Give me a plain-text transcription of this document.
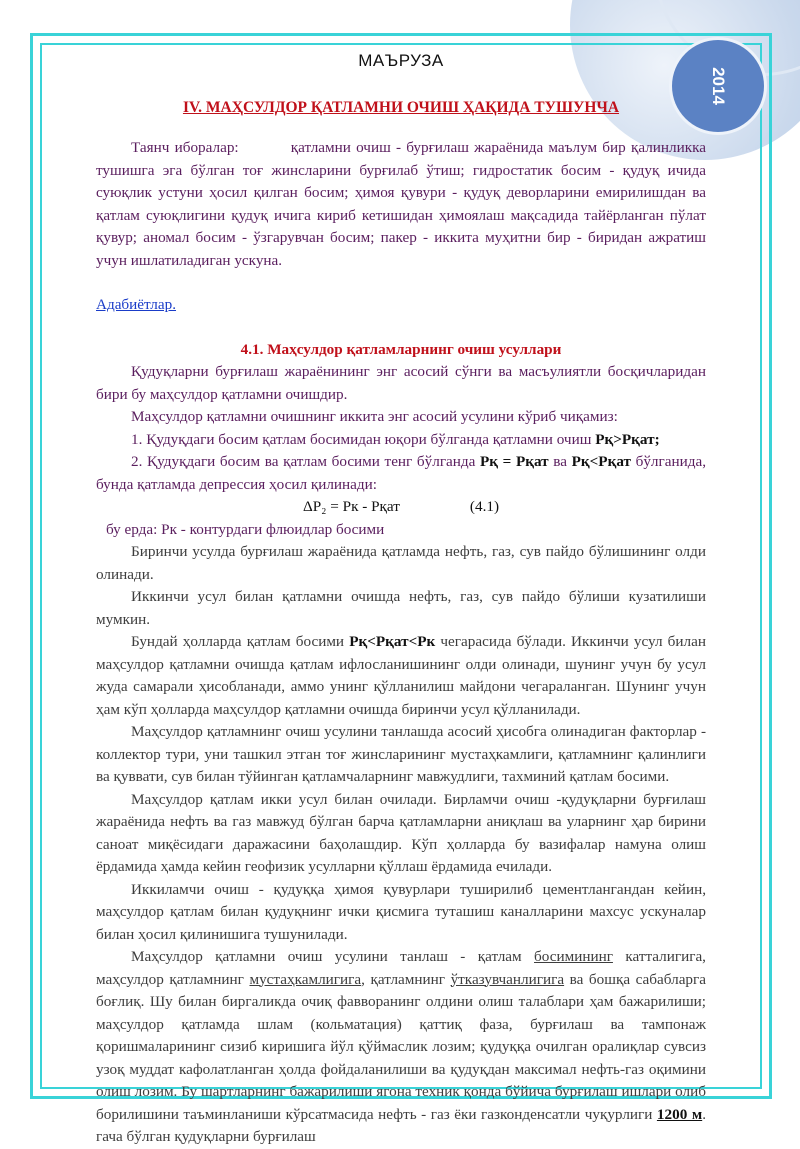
2014
МАЪРУЗА
IV. МАҲСУЛДОР ҚАТЛАМНИ ОЧИШ ҲАҚИДА ТУШУНЧА

Таянч иборалар:	қатламни очиш - бурғилаш жараёнида маълум бир қалинликка тушишга эга бўлган тоғ жинсларини бурғилаб ўтиш; гидростатик босим - қудуқ ичида суюқлик устуни ҳосил қилган босим; ҳимоя қувури - қудуқ деворларини емирилишдан ва қатлам суюқлигини қудуқ ичига кириб кетишидан ҳимоялаш мақсадида тайёрланган пўлат қувур; аномал босим - ўзгарувчан босим; пакер - иккита муҳитни бир - биридан ажратиш учун ишлатиладиган ускуна.

Адабиётлар.

4.1. Маҳсулдор қатламларнинг очиш усуллари

Қудуқларни бурғилаш жараёнининг энг асосий сўнги ва масъулиятли босқичларидан бири бу маҳсулдор қатламни очишдир.

Маҳсулдор қатламни очишнинг иккита энг асосий усулини кўриб чиқамиз:

1. Қудуқдаги босим қатлам босимидан юқори бўлганда қатламни очиш Pқ>Pқат;

2. Қудуқдаги босим ва қатлам босими тенг бўлганда Pқ = Pқат ва Pқ<Pқат бўлганида, бунда қатламда депрессия ҳосил қилинади:

ΔP₂ = Pк - Pқат	(4.1)
бу ерда: Pк - контурдаги флюидлар босими

Биринчи усулда бурғилаш жараёнида қатламда нефть, газ, сув пайдо бўлишининг олди олинади.

Иккинчи усул билан қатламни очишда нефть, газ, сув пайдо бўлиши кузатилиши мумкин.

Бундай ҳолларда қатлам босими Pқ<Pқат<Pк чегарасида бўлади. Иккинчи усул билан маҳсулдор қатламни очишда қатлам ифлосланишининг олди олинади, шунинг учун бу усул жуда самарали ҳисобланади, аммо унинг қўлланилиш майдони чегараланган. Шунинг учун ҳам кўп ҳолларда маҳсулдор қатламни очишда биринчи усул қўлланилади.

Маҳсулдор қатламнинг очиш усулини танлашда асосий ҳисобга олинадиган факторлар - коллектор тури, уни ташкил этган тоғ жинсларининг мустаҳкамлиги, қатламнинг қалинлиги ва қуввати, сув билан тўйинган қатламчаларнинг мавжудлиги, тахминий қатлам босими.

Маҳсулдор қатлам икки усул билан очилади. Бирламчи очиш -қудуқларни бурғилаш жараёнида нефть ва газ мавжуд бўлган барча қатламларни аниқлаш ва уларнинг ҳар бирини саноат миқёсидаги даражасини баҳолашдир. Кўп ҳолларда бу вазифалар намуна олиш ёрдамида ҳамда кейин геофизик усулларни қўллаш ёрдамида ечилади.

Иккиламчи очиш - қудуққа ҳимоя қувурлари туширилиб цементлангандан кейин, маҳсулдор қатлам билан қудуқнинг ички қисмига туташиш каналларини махсус ускуналар билан ҳосил қилинишига тушунилади.

Маҳсулдор қатламни очиш усулини танлаш - қатлам босимининг катталигига, маҳсулдор қатламнинг мустаҳкамлигига, қатламнинг ўтказувчанлигига ва бошқа сабабларга боғлиқ. Шу билан биргаликда очиқ фаввоpанинг олдини олиш талаблари ҳам бажарилиши; маҳсулдор қатламда шлам (кольматация) қаттиқ фаза, бурғилаш ва тампонаж қоришмаларининг сизиб киришига йўл қўймаслик лозим; қудуққа очилган оралиқлар сувсиз узоқ муддат кафолатланган ҳолда фойдаланилиши ва қудуқдан максимал нефть-газ оқимини олиш лозим. Бу шартларнинг бажарилиши ягона техник қонда бўйича бурғилаш ишлари олиб борилишини таъминланиши кўрсатмасида нефть - газ ёки газконденсатли чуқурлиги 1200 м. гача бўлган қудуқларни бурғилаш
